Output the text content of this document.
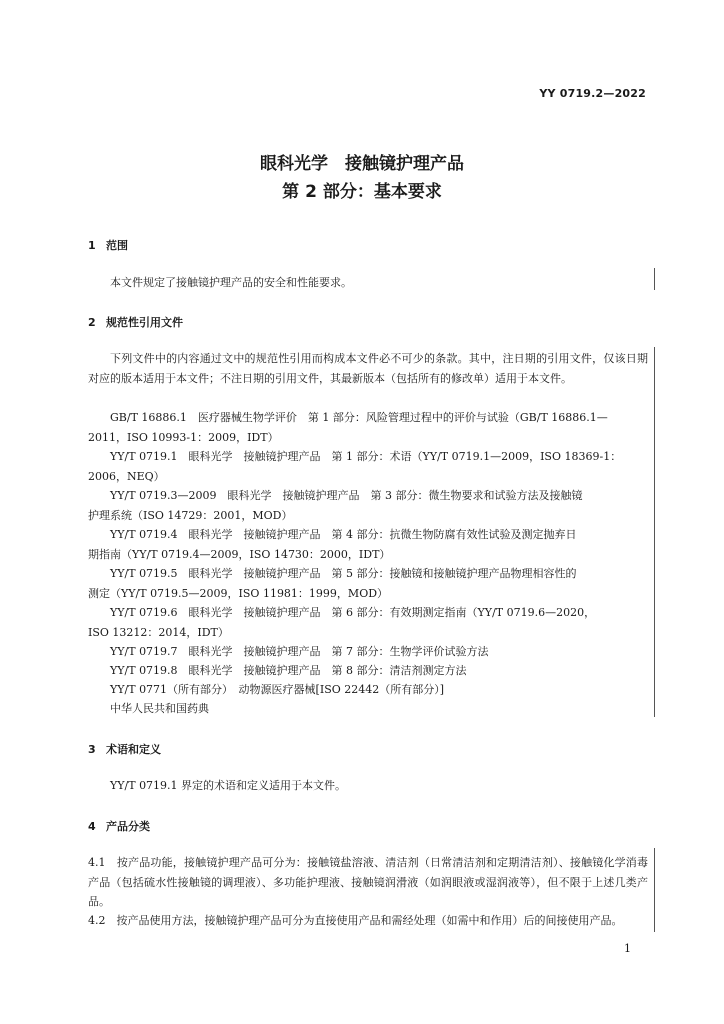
YY 0719.2—2022
眼科光学　接触镜护理产品
第 2 部分：基本要求
1 范围
本文件规定了接触镜护理产品的安全和性能要求。
2 规范性引用文件
下列文件中的内容通过文中的规范性引用而构成本文件必不可少的条款。其中，注日期的引用文件，仅该日期对应的版本适用于本文件；不注日期的引用文件，其最新版本（包括所有的修改单）适用于本文件。
GB/T 16886.1　医疗器械生物学评价　第 1 部分：风险管理过程中的评价与试验（GB/T 16886.1—
2011，ISO 10993-1：2009，IDT）
YY/T 0719.1　眼科光学　接触镜护理产品　第 1 部分：术语（YY/T 0719.1—2009，ISO 18369-1：
2006，NEQ）
YY/T 0719.3—2009　眼科光学　接触镜护理产品　第 3 部分：微生物要求和试验方法及接触镜
护理系统（ISO 14729：2001，MOD）
YY/T 0719.4　眼科光学　接触镜护理产品　第 4 部分：抗微生物防腐有效性试验及测定抛弃日
期指南（YY/T 0719.4—2009，ISO 14730：2000，IDT）
YY/T 0719.5　眼科光学　接触镜护理产品　第 5 部分：接触镜和接触镜护理产品物理相容性的
测定（YY/T 0719.5—2009，ISO 11981：1999，MOD）
YY/T 0719.6　眼科光学　接触镜护理产品　第 6 部分：有效期测定指南（YY/T 0719.6—2020，
ISO 13212：2014，IDT）
YY/T 0719.7　眼科光学　接触镜护理产品　第 7 部分：生物学评价试验方法
YY/T 0719.8　眼科光学　接触镜护理产品　第 8 部分：清洁剂测定方法
YY/T 0771（所有部分）　动物源医疗器械[ISO 22442（所有部分）]
中华人民共和国药典
3 术语和定义
YY/T 0719.1 界定的术语和定义适用于本文件。
4 产品分类
4.1　按产品功能，接触镜护理产品可分为：接触镜盐溶液、清洁剂（日常清洁剂和定期清洁剂）、接触镜化学消毒产品（包括硫水性接触镜的调理液）、多功能护理液、接触镜润滑液（如润眼液或湿润液等），但不限于上述几类产品。
4.2　按产品使用方法，接触镜护理产品可分为直接使用产品和需经处理（如需中和作用）后的间接使用产品。
1
